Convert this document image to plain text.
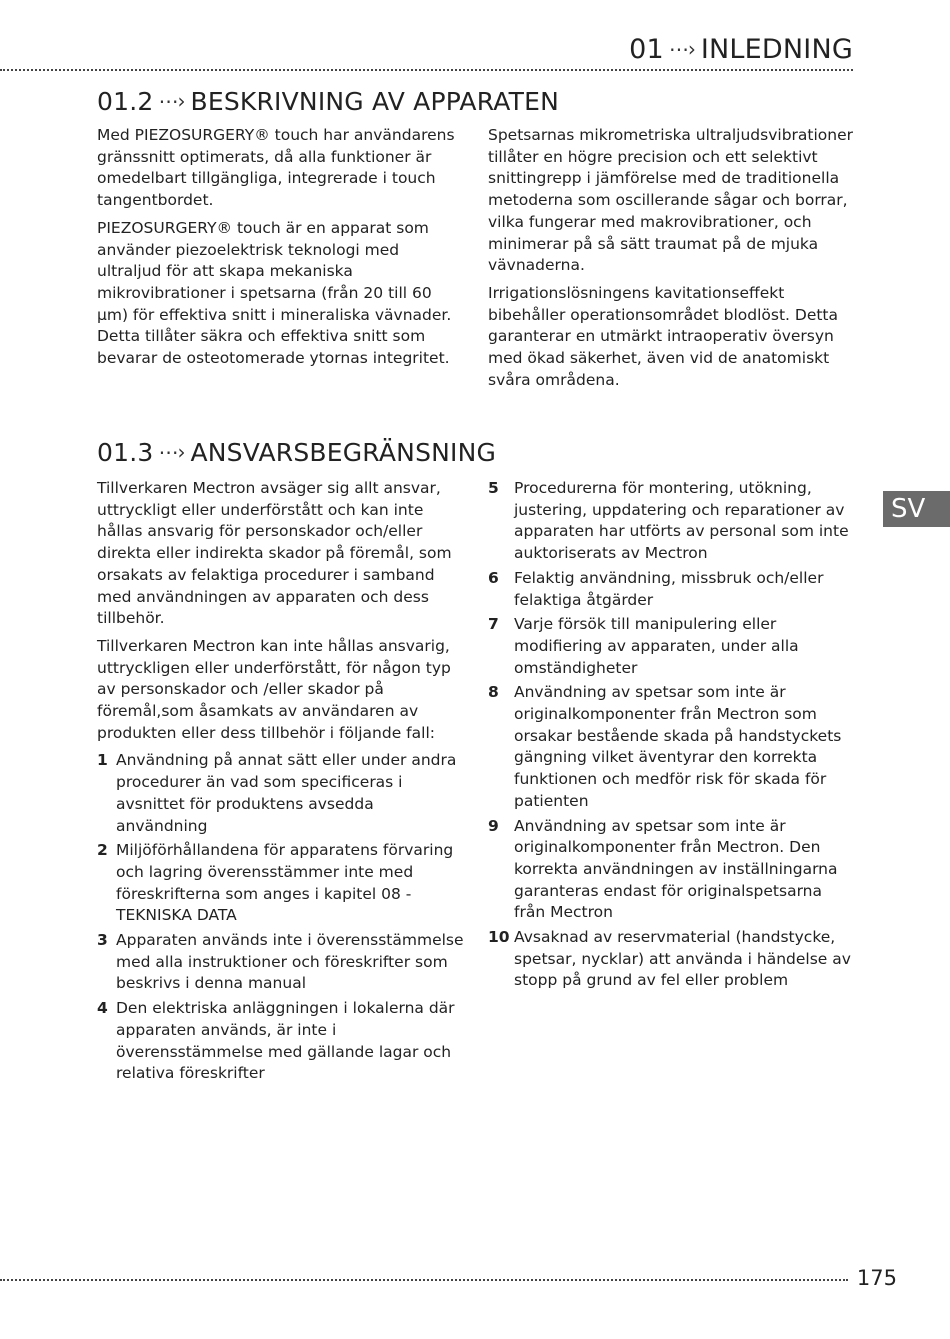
01 ⋯› INLEDNING
01.2 ⋯› BESKRIVNING AV APPARATEN

Med PIEZOSURGERY® touch har användarens gränssnitt optimerats, då alla funktioner är omedelbart tillgängliga, integrerade i touch tangentbordet.

PIEZOSURGERY® touch är en apparat som använder piezoelektrisk teknologi med ultraljud för att skapa mekaniska mikrovibrationer i spetsarna (från 20 till 60 µm) för effektiva snitt i mineraliska vävnader. Detta tillåter säkra och effektiva snitt som bevarar de osteotomerade ytornas integritet.

Spetsarnas mikrometriska ultraljudsvibrationer tillåter en högre precision och ett selektivt snittingrepp i jämförelse med de traditionella metoderna som oscillerande sågar och borrar, vilka fungerar med makrovibrationer, och minimerar på så sätt traumat på de mjuka vävnaderna.

Irrigationslösningens kavitationseffekt bibehåller operationsområdet blodlöst. Detta garanterar en utmärkt intraoperativ översyn med ökad säkerhet, även vid de anatomiskt svåra områdena.

01.3 ⋯› ANSVARSBEGRÄNSNING

Tillverkaren Mectron avsäger sig allt ansvar, uttryckligt eller underförstått och kan inte hållas ansvarig för personskador och/eller direkta eller indirekta skador på föremål, som orsakats av felaktiga procedurer i samband med användningen av apparaten och dess tillbehör.

Tillverkaren Mectron kan inte hållas ansvarig, uttryckligen eller underförstått, för någon typ av personskador och /eller skador på föremål,som åsamkats av användaren av produkten eller dess tillbehör i följande fall:

1 Användning på annat sätt eller under andra procedurer än vad som specificeras i avsnittet för produktens avsedda användning
2 Miljöförhållandena för apparatens förvaring och lagring överensstämmer inte med föreskrifterna som anges i kapitel 08 - TEKNISKA DATA
3 Apparaten används inte i överensstämmelse med alla instruktioner och föreskrifter som beskrivs i denna manual
4 Den elektriska anläggningen i lokalerna där apparaten används, är inte i överensstämmelse med gällande lagar och relativa föreskrifter
5 Procedurerna för montering, utökning, justering, uppdatering och reparationer av apparaten har utförts av personal som inte auktoriserats av Mectron
6 Felaktig användning, missbruk och/eller felaktiga åtgärder
7 Varje försök till manipulering eller modifiering av apparaten, under alla omständigheter
8 Användning av spetsar som inte är originalkomponenter från Mectron som orsakar bestående skada på handstyckets gängning vilket äventyrar den korrekta funktionen och medför risk för skada för patienten
9 Användning av spetsar som inte är originalkomponenter från Mectron. Den korrekta användningen av inställningarna garanteras endast för originalspetsarna från Mectron
10 Avsaknad av reservmaterial (handstycke, spetsar, nycklar) att använda i händelse av stopp på grund av fel eller problem
SV
175
